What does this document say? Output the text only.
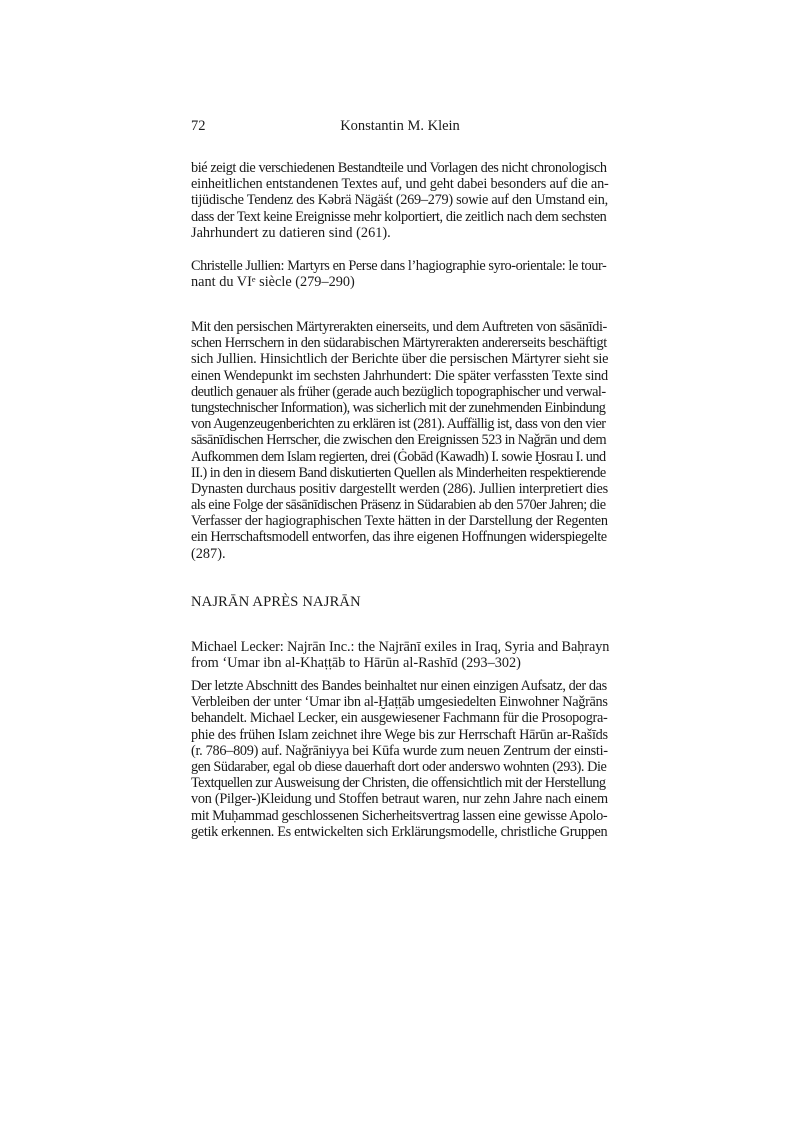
72	Konstantin M. Klein
bié zeigt die verschiedenen Bestandteile und Vorlagen des nicht chronologisch
einheitlichen entstandenen Textes auf, und geht dabei besonders auf die an-
tijüdische Tendenz des Kəbrä Nägäśt (269–279) sowie auf den Umstand ein,
dass der Text keine Ereignisse mehr kolportiert, die zeitlich nach dem sechsten
Jahrhundert zu datieren sind (261).
Christelle Jullien: Martyrs en Perse dans l’hagiographie syro-orientale: le tour-
nant du VIᵉ siècle (279–290)
Mit den persischen Märtyrerakten einerseits, und dem Auftreten von sāsānīdi-
schen Herrschern in den südarabischen Märtyrerakten andererseits beschäftigt
sich Jullien. Hinsichtlich der Berichte über die persischen Märtyrer sieht sie
einen Wendepunkt im sechsten Jahrhundert: Die später verfassten Texte sind
deutlich genauer als früher (gerade auch bezüglich topographischer und verwal-
tungstechnischer Information), was sicherlich mit der zunehmenden Einbindung
von Augenzeugenberichten zu erklären ist (281). Auffällig ist, dass von den vier
sāsānīdischen Herrscher, die zwischen den Ereignissen 523 in Naǧrān und dem
Aufkommen dem Islam regierten, drei (Ġobād (Kawadh) I. sowie Ḫosrau I. und
II.) in den in diesem Band diskutierten Quellen als Minderheiten respektierende
Dynasten durchaus positiv dargestellt werden (286). Jullien interpretiert dies
als eine Folge der sāsānīdischen Präsenz in Südarabien ab den 570er Jahren; die
Verfasser der hagiographischen Texte hätten in der Darstellung der Regenten
ein Herrschaftsmodell entworfen, das ihre eigenen Hoffnungen widerspiegelte
(287).
Michael Lecker: Najrān Inc.: the Najrānī exiles in Iraq, Syria and Baḥrayn
from ‘Umar ibn al-Khaṭṭāb to Hārūn al-Rashīd (293–302)
Der letzte Abschnitt des Bandes beinhaltet nur einen einzigen Aufsatz, der das
Verbleiben der unter ‘Umar ibn al-Ḫaṭṭāb umgesiedelten Einwohner Naǧrāns
behandelt. Michael Lecker, ein ausgewiesener Fachmann für die Prosopogra-
phie des frühen Islam zeichnet ihre Wege bis zur Herrschaft Hārūn ar-Rašīds
(r. 786–809) auf. Naǧrāniyya bei Kūfa wurde zum neuen Zentrum der einsti-
gen Südaraber, egal ob diese dauerhaft dort oder anderswo wohnten (293). Die
Textquellen zur Ausweisung der Christen, die offensichtlich mit der Herstellung
von (Pilger-)Kleidung und Stoffen betraut waren, nur zehn Jahre nach einem
mit Muḥammad geschlossenen Sicherheitsvertrag lassen eine gewisse Apolo-
getik erkennen. Es entwickelten sich Erklärungsmodelle, christliche Gruppen
NAJRĀN APRÈS NAJRĀN
